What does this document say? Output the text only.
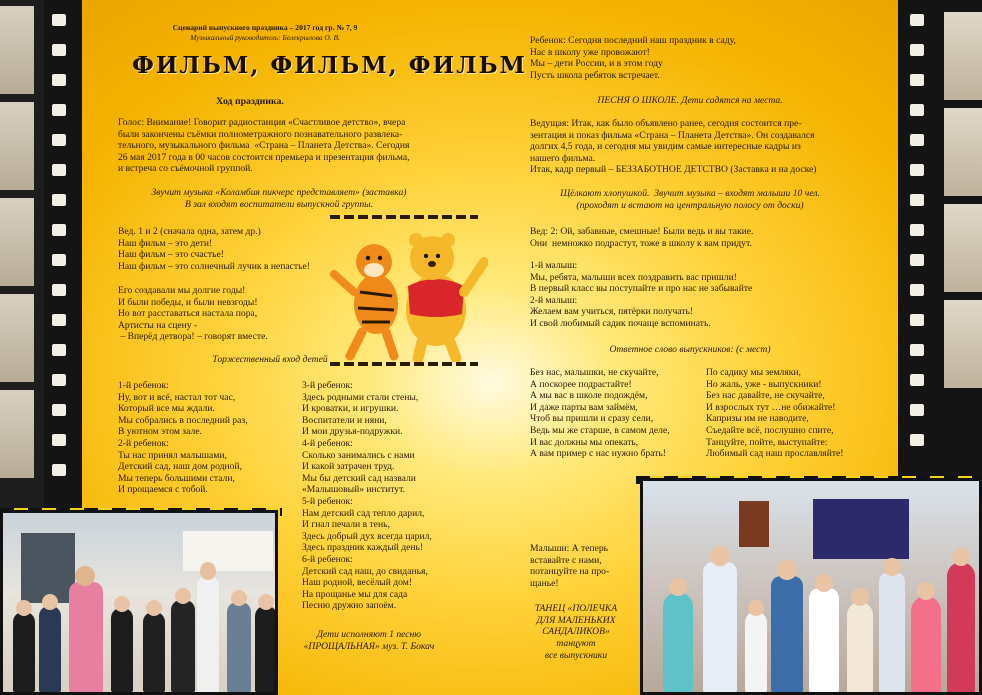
Сценарий выпускного праздника – 2017 год гр. № 7, 9
Музыкальный руководитель: Белекрылова О. В.
ФИЛЬМ, ФИЛЬМ, ФИЛЬМ
Ход праздника.
Голос: Внимание! Говорит радиостанция «Счастливое детство», вчера
были закончены съёмки полнометражного познавательного развлека-
тельного, музыкального фильма  «Страна – Планета Детства». Сегодня
26 мая 2017 года в 00 часов состоится премьера и презентация фильма,
и встреча со съёмочной группой.
Звучит музыка «Коламбия пикчерс представляет» (заставка)
В зал входят воспитатели выпускной группы.
Вед. 1 и 2 (сначала одна, затем др.)
Наш фильм – это дети!
Наш фильм – это счастье!
Наш фильм – это солнечный лучик в непастье!
Его создавали мы долгие годы!
И были победы, и были невзгоды!
Но вот расставаться настала пора,
Артисты на сцену -
– Вперёд детвора! – говорят вместе.
Торжественный вход детей
1-й ребенок:
Ну, вот и всё, настал тот час,
Который все мы ждали.
Мы собрались в последний раз,
В уютном этом зале.
2-й ребенок:
Ты нас принял малышами,
Детский сад, наш дом родной,
Мы теперь большими стали,
И прощаемся с тобой.
3-й ребенок:
Здесь родными стали стены,
И кроватки, и игрушки.
Воспитатели и няни,
И мои друзья-подружки.
4-й ребенок:
Сколько занимались с нами
И какой затрачен труд.
Мы бы детский сад назвали
«Малышовый» институт.
5-й ребенок:
Нам детский сад тепло дарил,
И гнал печали в тень,
Здесь добрый дух всегда царил,
Здесь праздник каждый день!
6-й ребенок:
Детский сад наш, до свиданья,
Наш родной, весёлый дом!
На прощанье мы для сада
Песню дружно запоём.
Дети исполняют 1 песню
«ПРОЩАЛЬНАЯ» муз. Т. Бокач
Ребенок: Сегодня последний наш праздник в саду,
Нас в школу уже провожают!
Мы – дети России, и в этом году
Пусть школа ребяток встречает.
ПЕСНЯ О ШКОЛЕ. Дети садятся на места.
Ведущая: Итак, как было объявлено ранее, сегодня состоится пре-
зентация и показ фильма «Страна – Планета Детства». Он создавался
долгих 4,5 года, и сегодня мы увидим самые интересные кадры из
нашего фильма.
Итак, кадр первый – БЕЗЗАБОТНОЕ ДЕТСТВО (Заставка и на доске)
Щёлкают хлопушкой.  Звучит музыка – входят малыши 10 чел.
(проходят и встают на центральную полосу от доски)
Вед: 2: Ой, забавные, смешные! Были ведь и вы такие.
Они  немножко подрастут, тоже в школу к вам придут.
1-й малыш:
Мы, ребята, малыши всех поздравить вас пришли!
В первый класс вы поступайте и про нас не забывайте
2-й малыш:
Желаем вам учиться, пятёрки получать!
И свой любимый садик почаще вспоминать.
Ответное слово выпускников: (с мест)
Без нас, малышки, не скучайте,
А поскорее подрастайте!
А мы вас в школе подождём,
И даже парты вам займём,
Чтоб вы пришли и сразу сели,
Ведь мы же старше, в самом деле,
И вас должны мы опекать,
А вам пример с нас нужно брать!
По садику мы земляки,
Но жаль, уже - выпускники!
Без нас давайте, не скучайте,
И взрослых тут …не обижайте!
Капризы им не наводите,
Съедайте всё, послушно спите,
Танцуйте, пойте, выступайте:
Любимый сад наш прославляйте!
Малыши: А теперь
вставайте с нами,
потанцуйте на про-
щанье!
ТАНЕЦ «ПОЛЕЧКА
ДЛЯ МАЛЕНЬКИХ
САНДАЛИКОВ»
танцуют
все выпускники
